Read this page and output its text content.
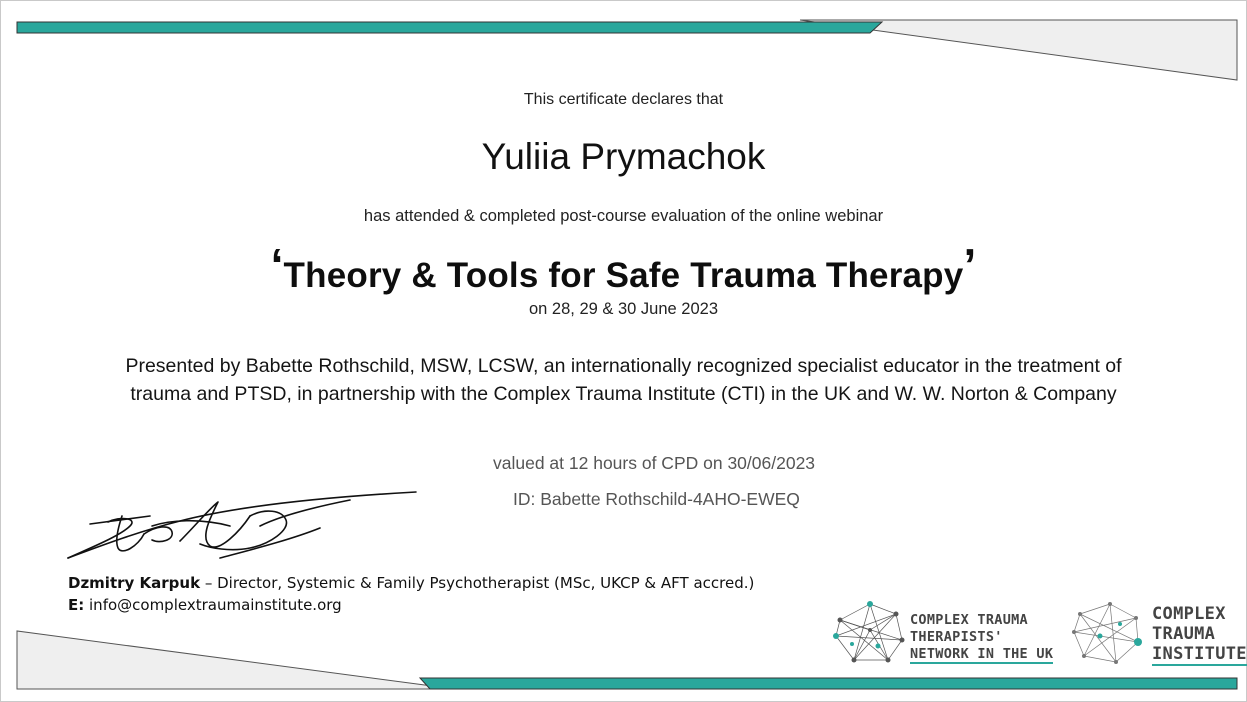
This certificate declares that
Yuliia Prymachok
has attended & completed post-course evaluation of the online webinar
‘Theory & Tools for Safe Trauma Therapy’
on 28, 29 & 30 June 2023
Presented by Babette Rothschild, MSW, LCSW, an internationally recognized specialist educator in the treatment of
trauma and PTSD, in partnership with the Complex Trauma Institute (CTI) in the UK and W. W. Norton & Company
valued at 12 hours of CPD on 30/06/2023
ID: Babette Rothschild-4AHO-EWEQ
Dzmitry Karpuk – Director, Systemic & Family Psychotherapist (MSc, UKCP & AFT accred.)
E: info@complextraumainstitute.org
COMPLEX TRAUMA
THERAPISTS'
NETWORK IN THE UK
COMPLEX
TRAUMA
INSTITUTE
